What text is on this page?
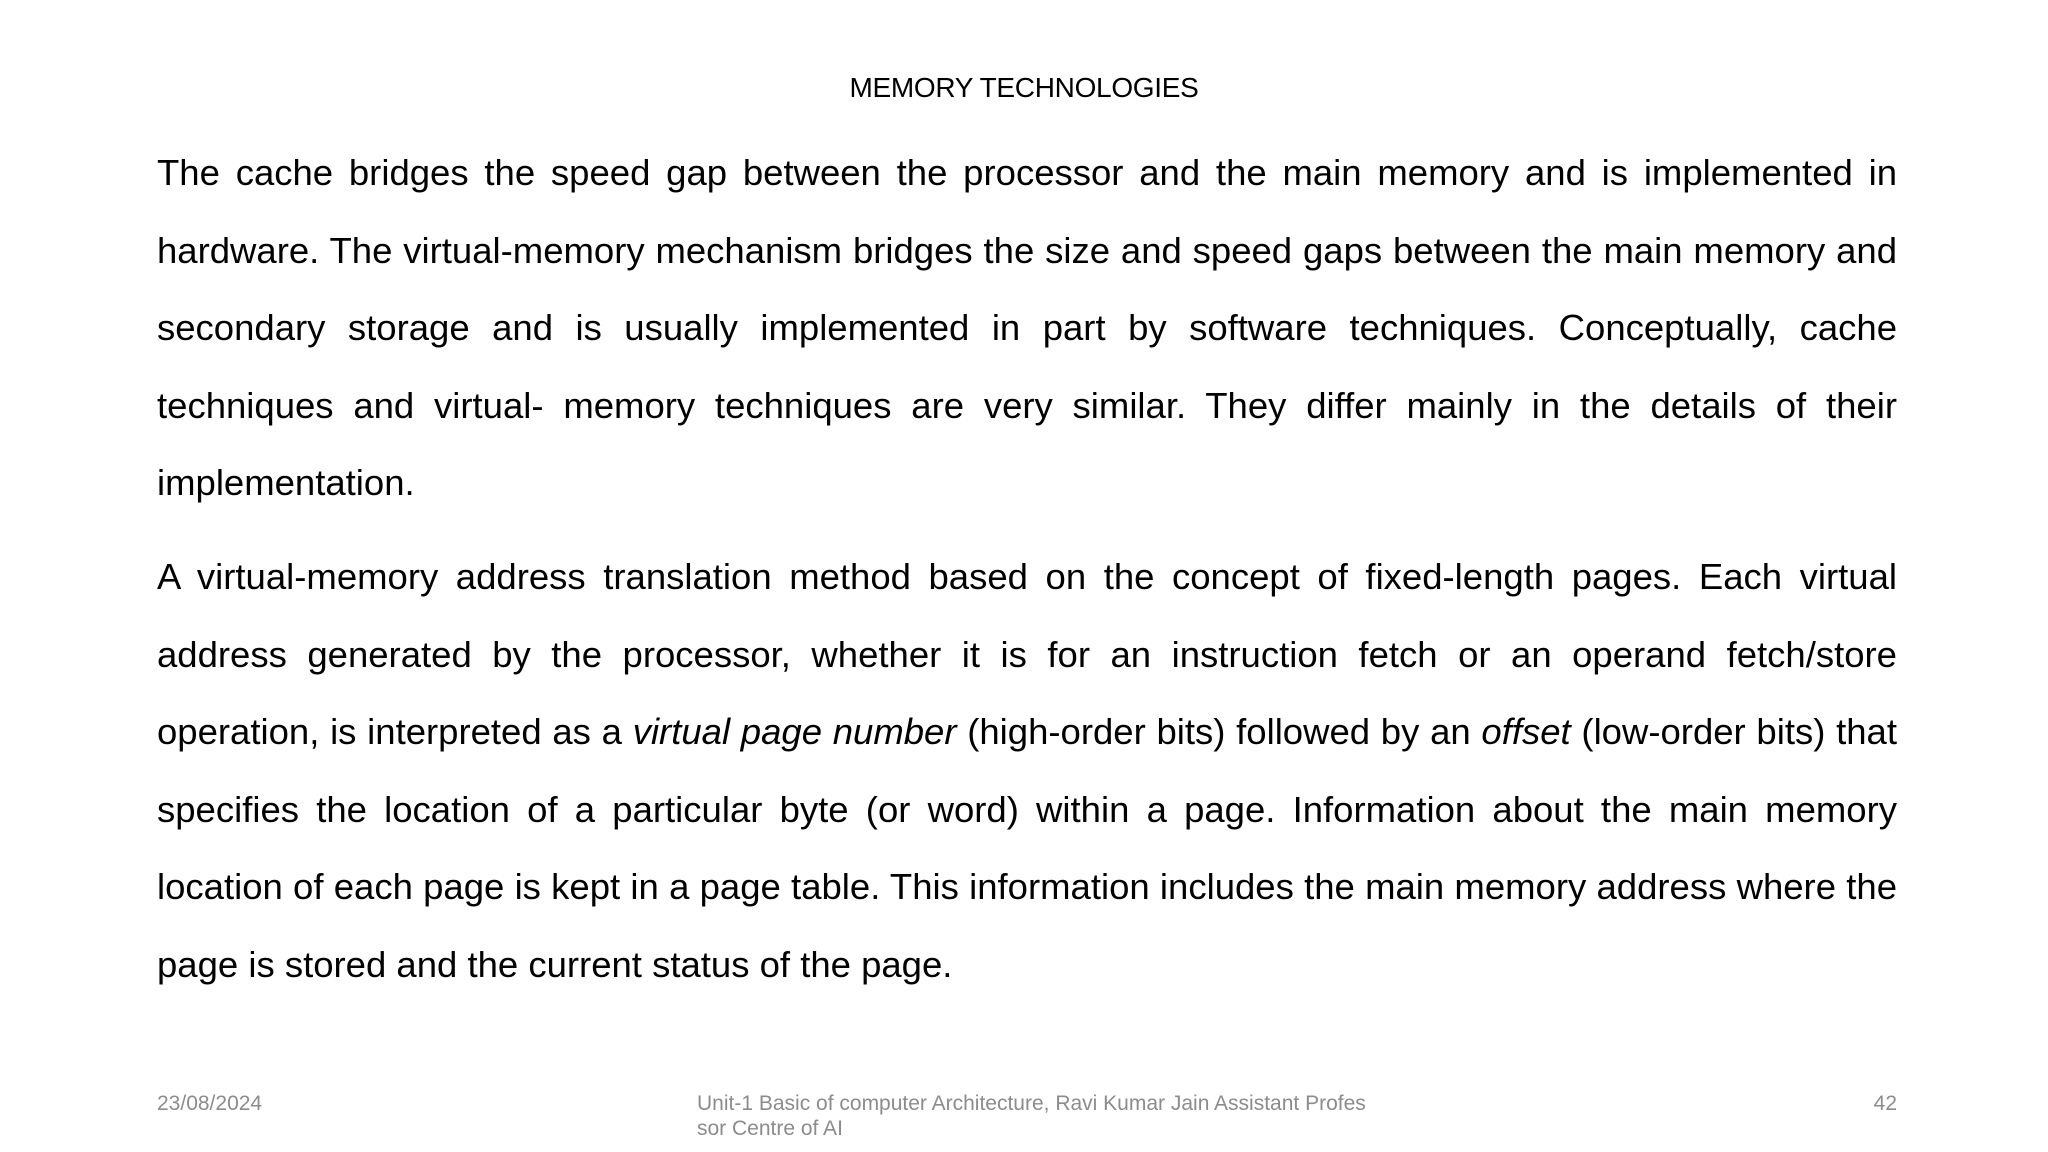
MEMORY TECHNOLOGIES

The cache bridges the speed gap between the processor and the main memory and is implemented in hardware. The virtual-memory mechanism bridges the size and speed gaps between the main memory and secondary storage and is usually implemented in part by software techniques. Conceptually, cache techniques and virtual- memory techniques are very similar. They differ mainly in the details of their implementation.

A virtual-memory address translation method based on the concept of fixed-length pages. Each virtual address generated by the processor, whether it is for an instruction fetch or an operand fetch/store operation, is interpreted as a virtual page number (high-order bits) followed by an offset (low-order bits) that specifies the location of a particular byte (or word) within a page. Information about the main memory location of each page is kept in a page table. This information includes the main memory address where the page is stored and the current status of the page.

23/08/2024	Unit-1 Basic of computer Architecture, Ravi Kumar Jain Assistant Professor Centre of AI
42
